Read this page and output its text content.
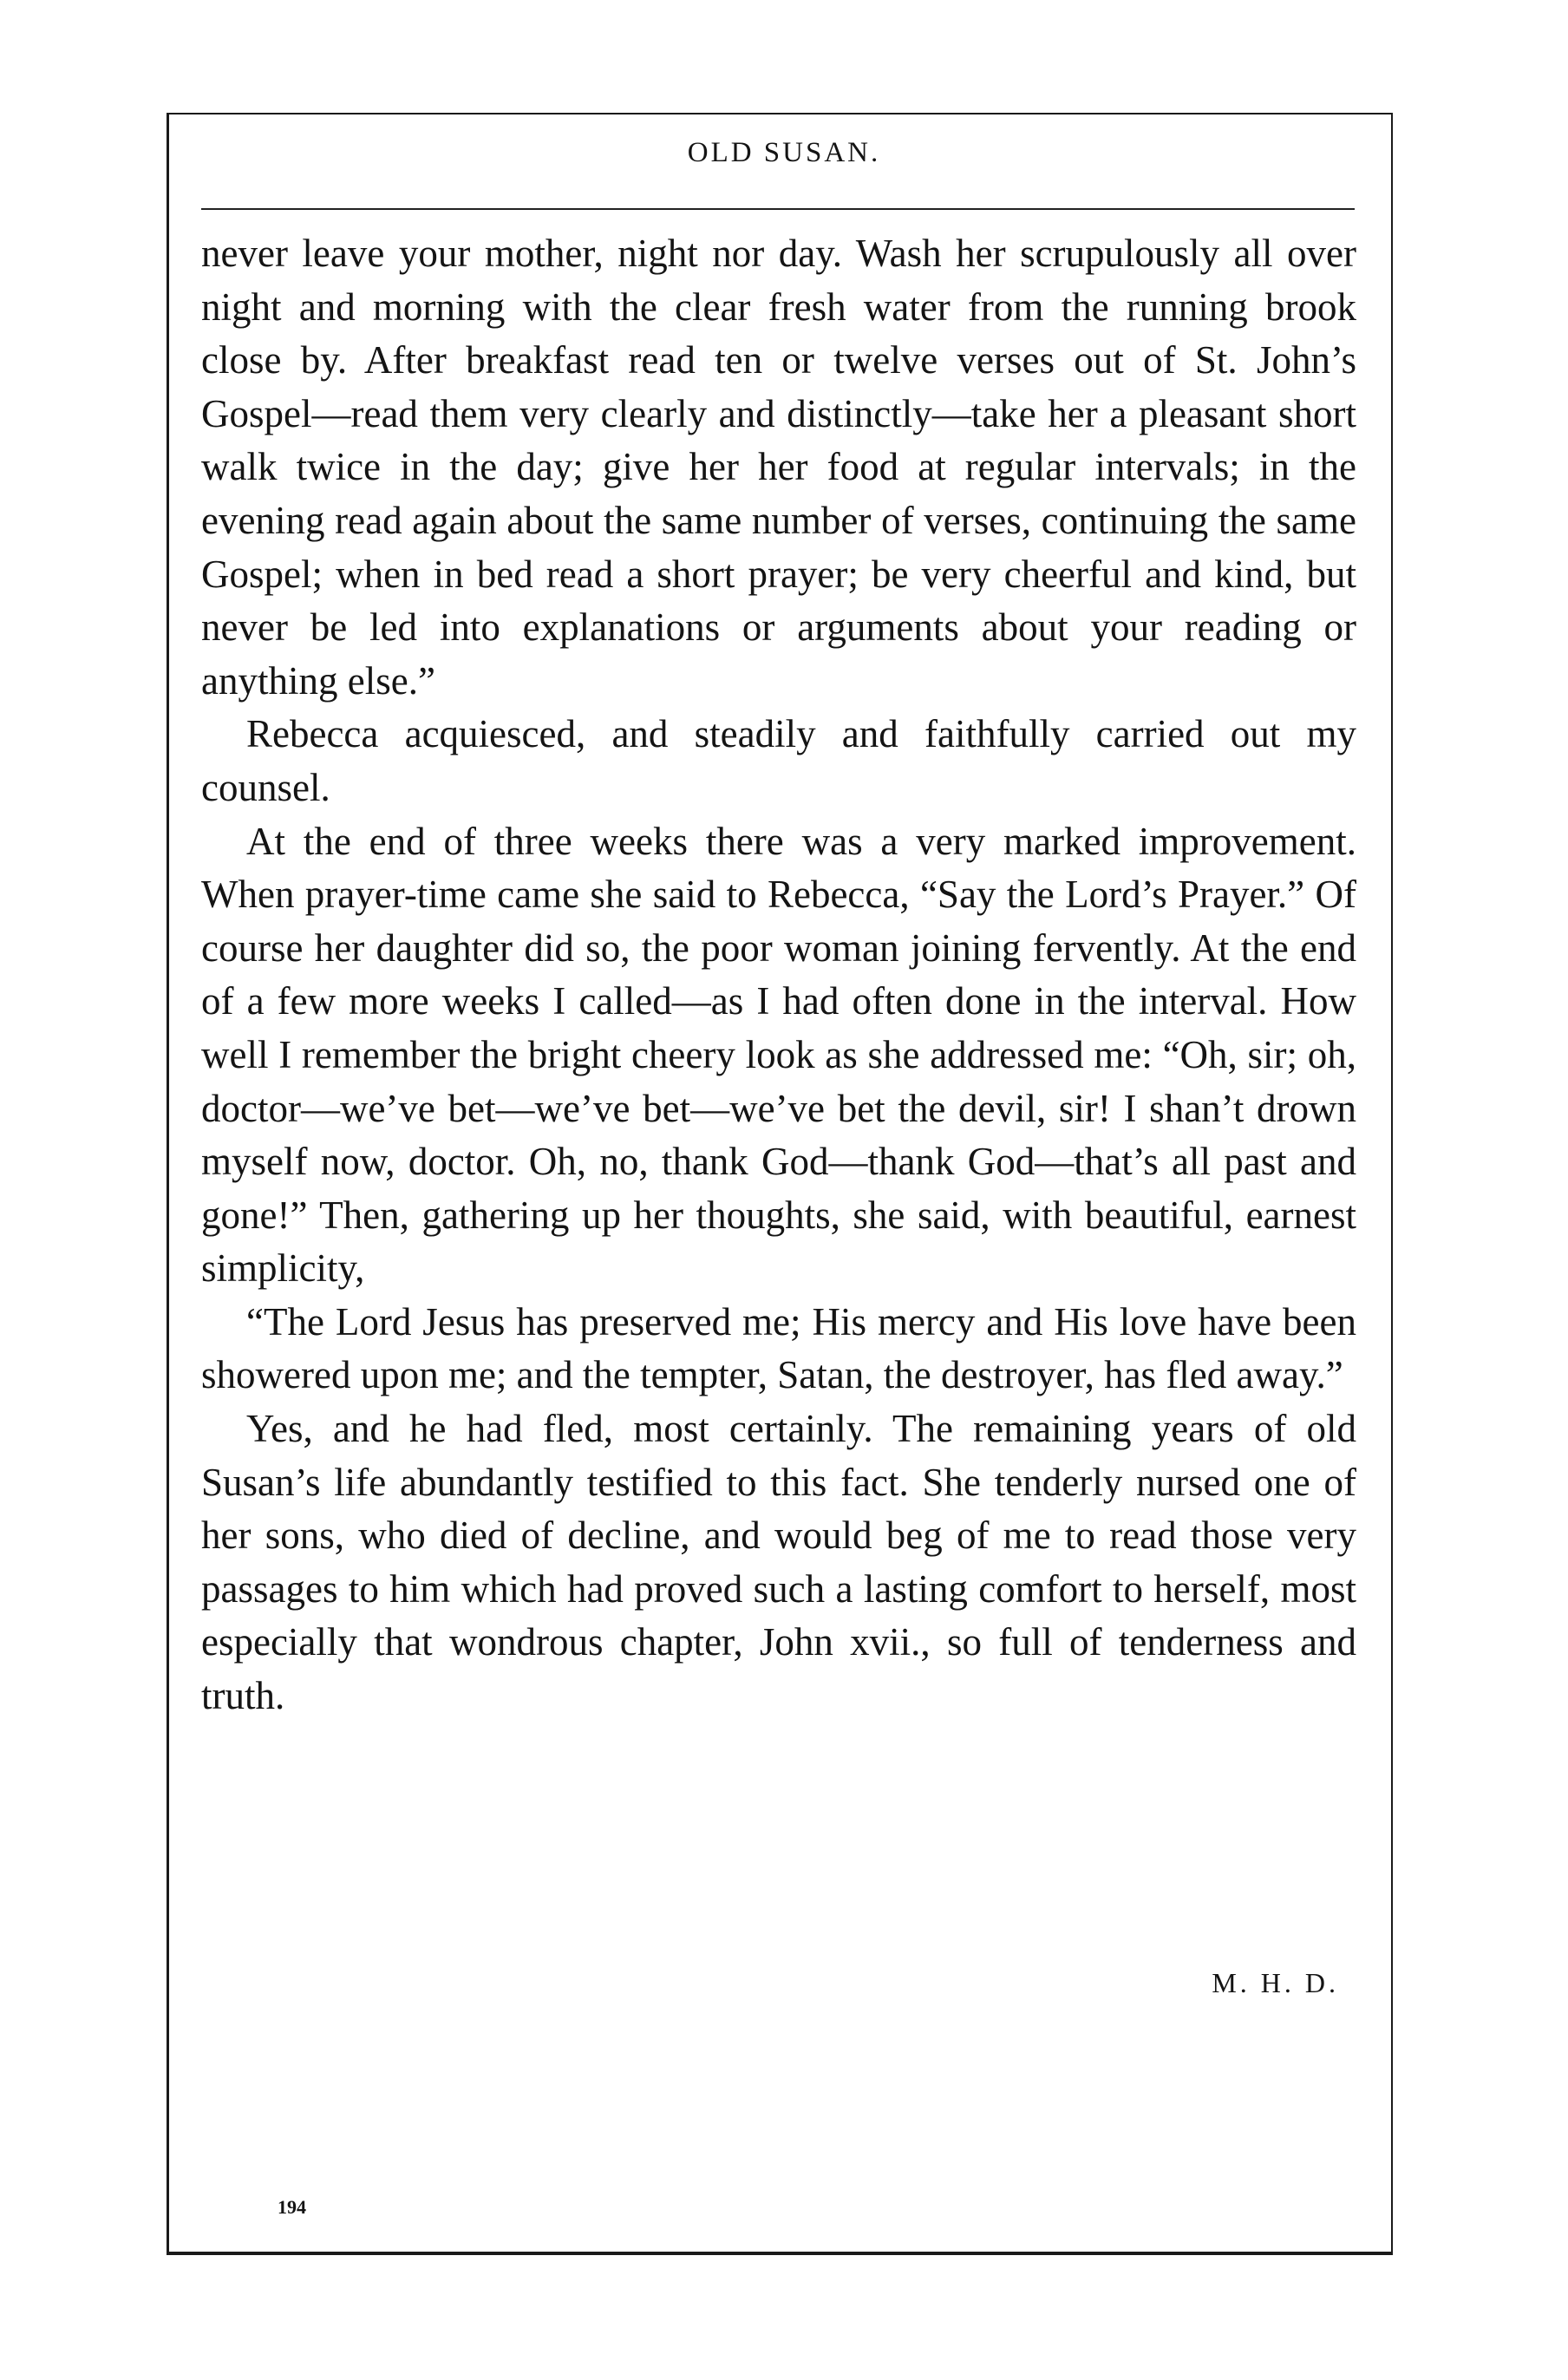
OLD SUSAN.

never leave your mother, night nor day. Wash her scrupulously all over night and morning with the clear fresh water from the running brook close by. After breakfast read ten or twelve verses out of St. John’s Gospel—read them very clearly and distinctly—take her a pleasant short walk twice in the day; give her her food at regular intervals; in the evening read again about the same number of verses, continuing the same Gospel; when in bed read a short prayer; be very cheerful and kind, but never be led into explanations or arguments about your reading or anything else.”

Rebecca acquiesced, and steadily and faithfully carried out my counsel.

At the end of three weeks there was a very marked improvement. When prayer-time came she said to Rebecca, “Say the Lord’s Prayer.” Of course her daughter did so, the poor woman joining fervently. At the end of a few more weeks I called—as I had often done in the interval. How well I remember the bright cheery look as she addressed me: “Oh, sir; oh, doctor—we’ve bet—we’ve bet—we’ve bet the devil, sir! I shan’t drown myself now, doctor. Oh, no, thank God—thank God—that’s all past and gone!” Then, gathering up her thoughts, she said, with beautiful, earnest simplicity,

“The Lord Jesus has preserved me; His mercy and His love have been showered upon me; and the tempter, Satan, the destroyer, has fled away.”

Yes, and he had fled, most certainly. The remaining years of old Susan’s life abundantly testified to this fact. She tenderly nursed one of her sons, who died of decline, and would beg of me to read those very passages to him which had proved such a lasting comfort to herself, most especially that wondrous chapter, John xvii., so full of tenderness and truth.

M. H. D.
194
